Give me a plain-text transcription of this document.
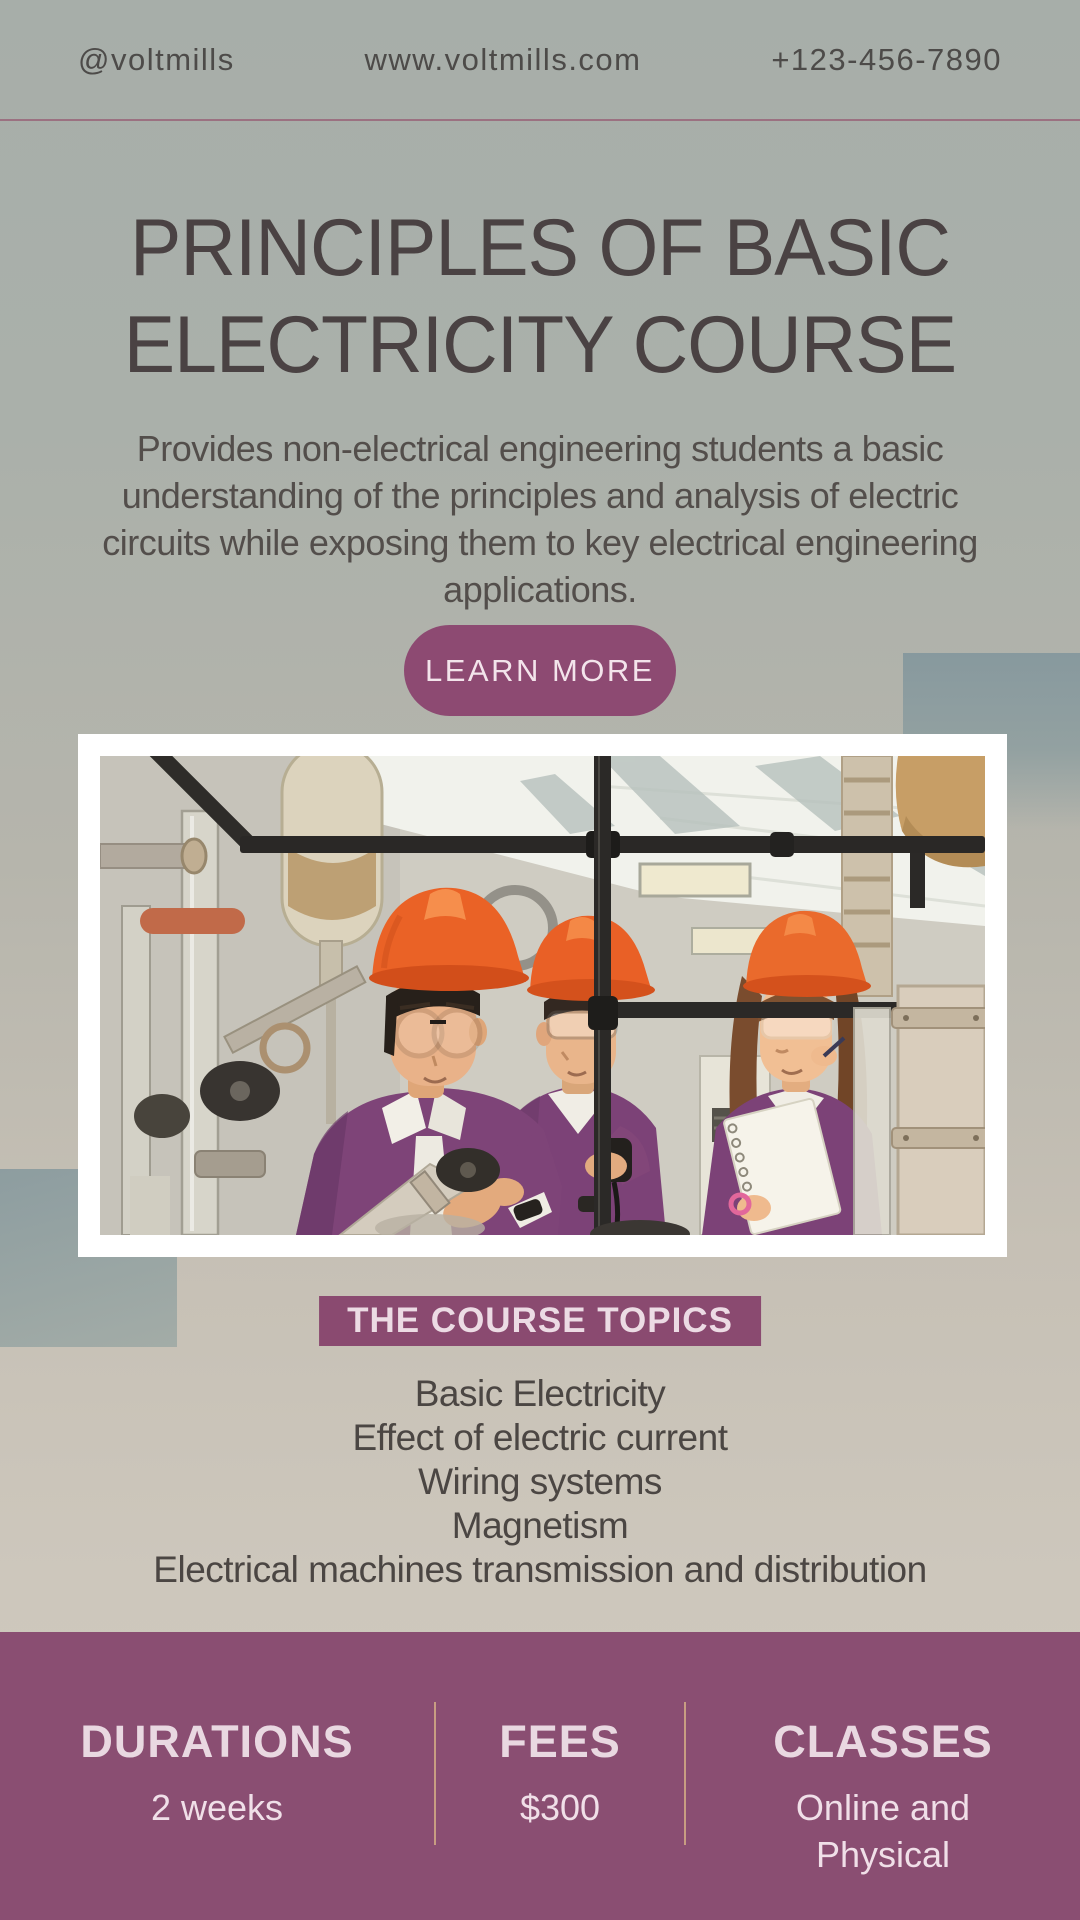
@voltmills	www.voltmills.com	+123-456-7890
PRINCIPLES OF BASIC
ELECTRICITY COURSE
Provides non-electrical engineering students a basic understanding of the principles and analysis of electric circuits while exposing them to key electrical engineering applications.
LEARN MORE
THE COURSE TOPICS
Basic Electricity
Effect of electric current
Wiring systems
Magnetism
Electrical machines transmission and distribution
DURATIONS
2 weeks
FEES
$300
CLASSES
Online and Physical
